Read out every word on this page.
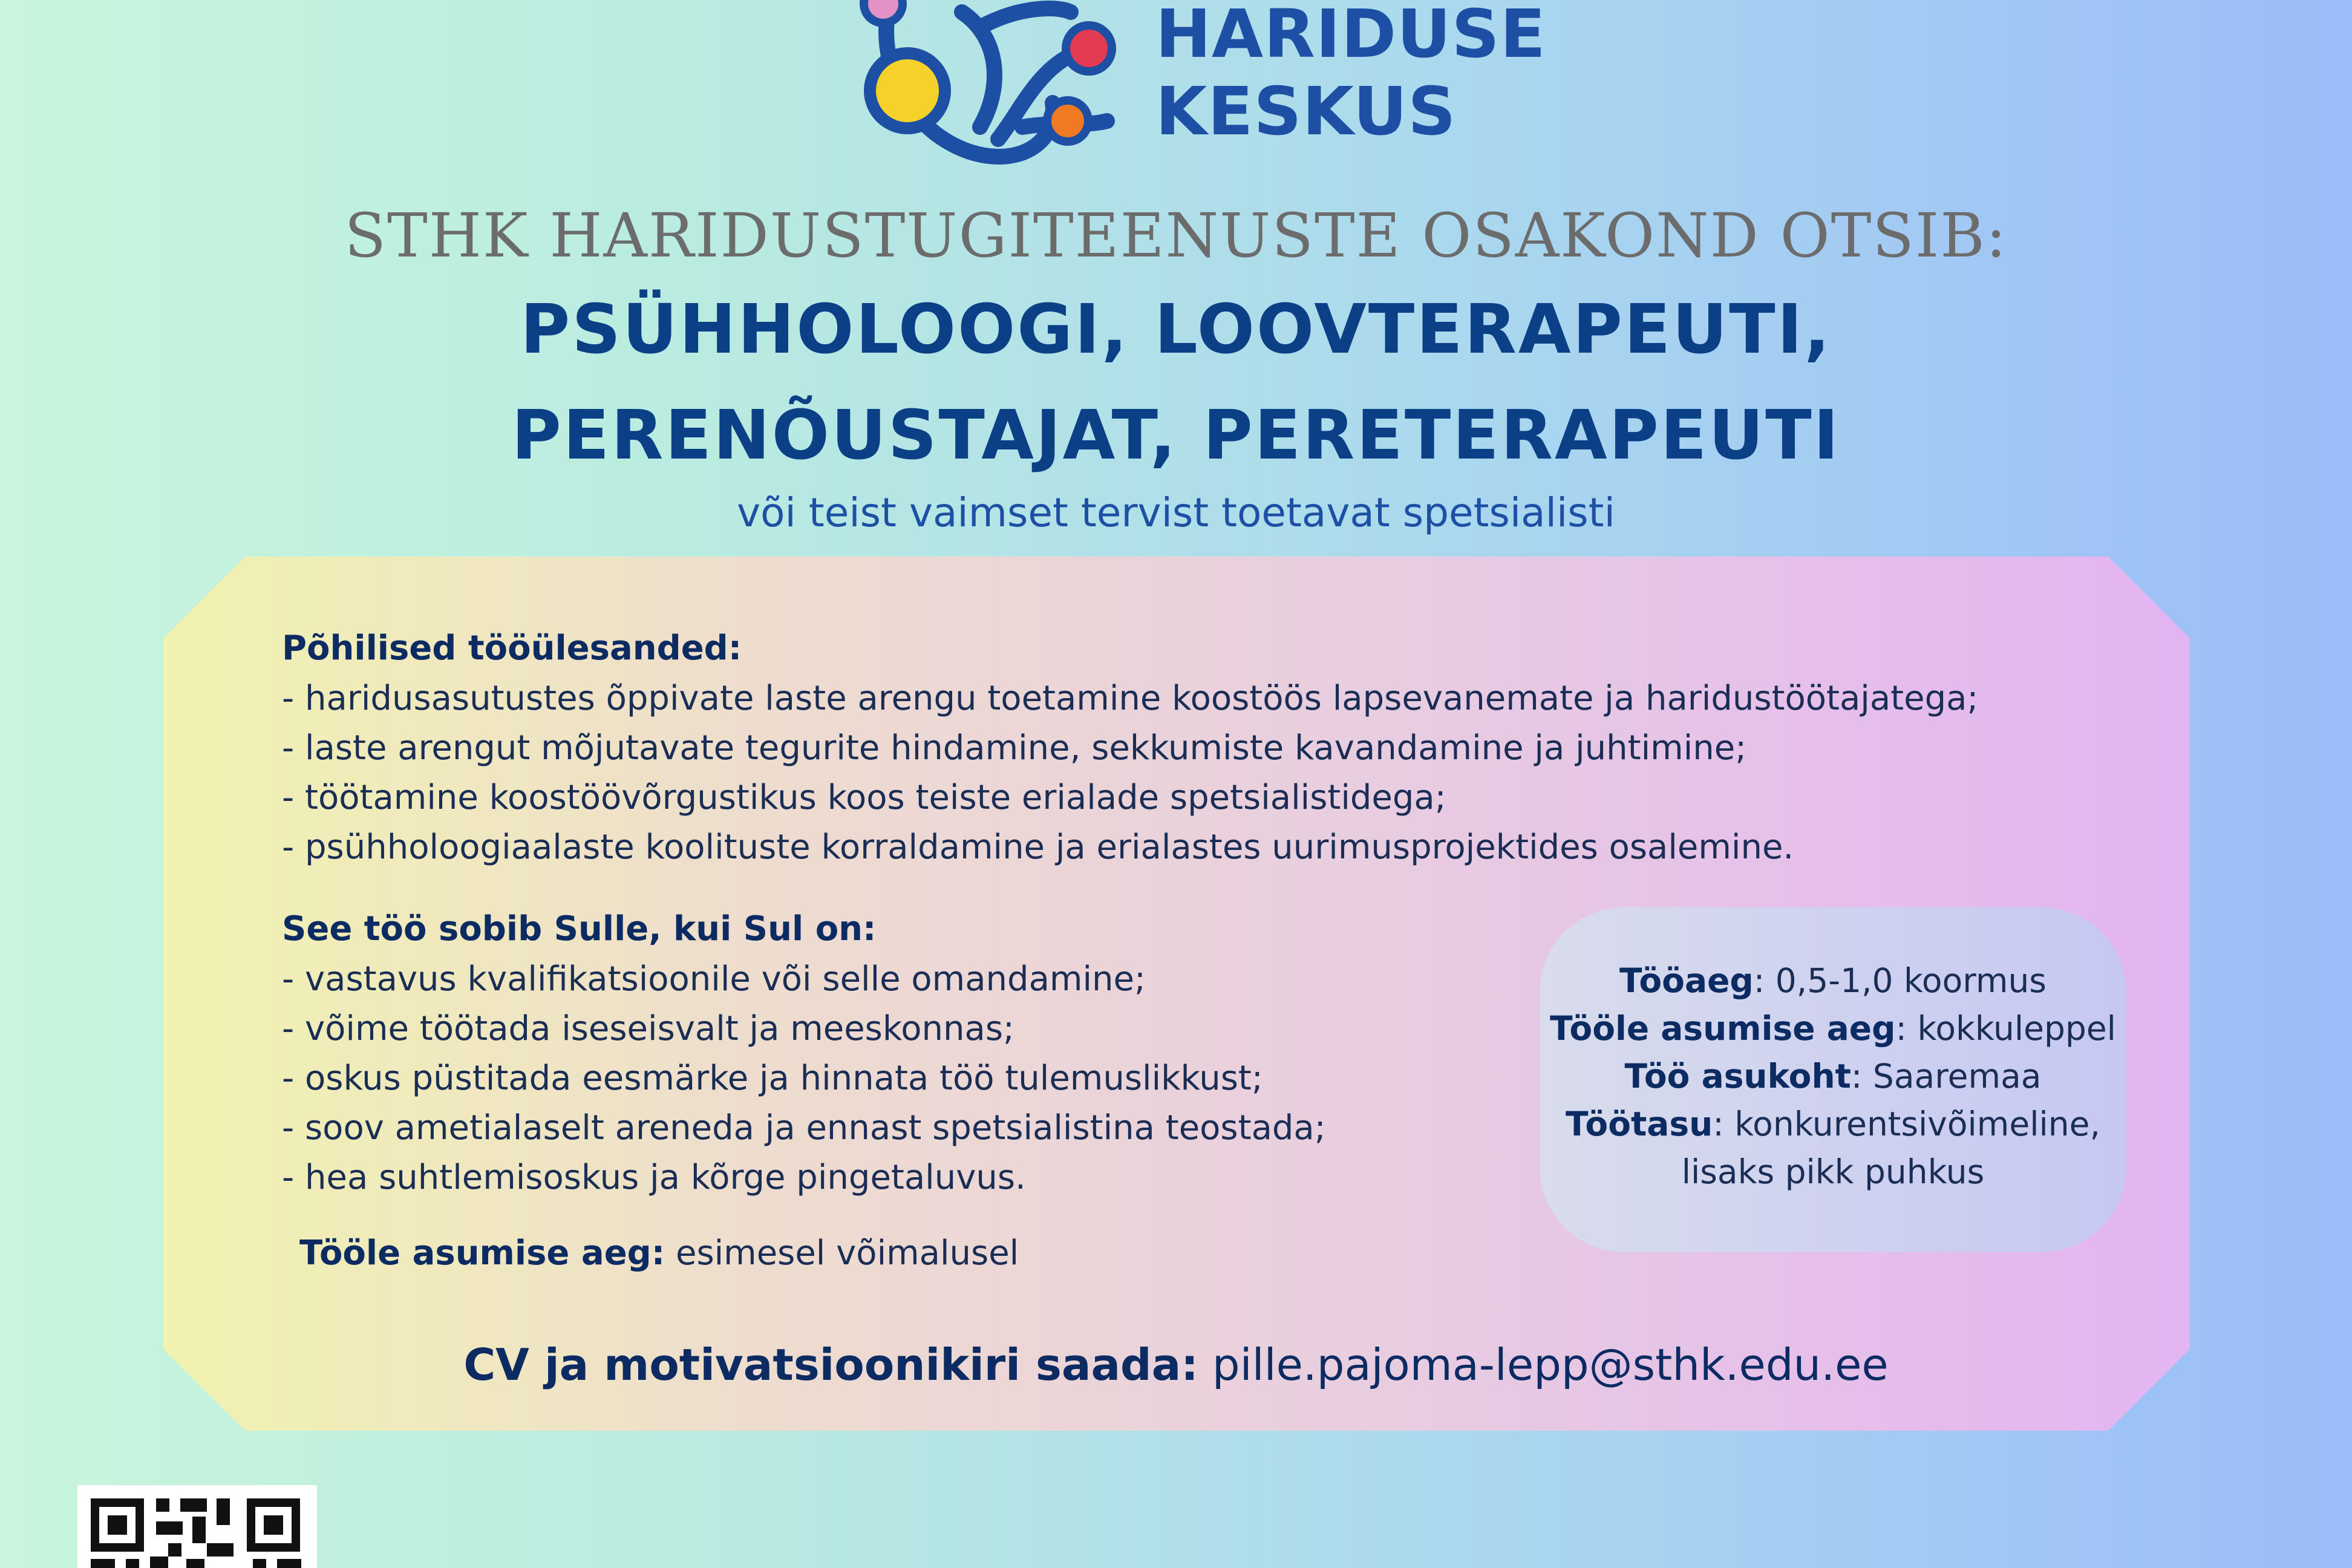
HARIDUSE
KESKUS
STHK HARIDUSTUGITEENUSTE OSAKOND OTSIB:
PSÜHHOLOOGI, LOOVTERAPEUTI,
PERENÕUSTAJAT, PERETERAPEUTI
või teist vaimset tervist toetavat spetsialisti
Põhilised tööülesanded:
- haridusasutustes õppivate laste arengu toetamine koostöös lapsevanemate ja haridustöötajatega;
- laste arengut mõjutavate tegurite hindamine, sekkumiste kavandamine ja juhtimine;
- töötamine koostöövõrgustikus koos teiste erialade spetsialistidega;
- psühholoogiaalaste koolituste korraldamine ja erialastes uurimusprojektides osalemine.
See töö sobib Sulle, kui Sul on:
- vastavus kvalifikatsioonile või selle omandamine;
- võime töötada iseseisvalt ja meeskonnas;
- oskus püstitada eesmärke ja hinnata töö tulemuslikkust;
- soov ametialaselt areneda ja ennast spetsialistina teostada;
- hea suhtlemisoskus ja kõrge pingetaluvus.
Tööle asumise aeg: esimesel võimalusel
Tööaeg: 0,5-1,0 koormus
Tööle asumise aeg: kokkuleppel
Töö asukoht: Saaremaa
Töötasu: konkurentsivõimeline,
lisaks pikk puhkus
CV ja motivatsioonikiri saada: pille.pajoma-lepp@sthk.edu.ee
